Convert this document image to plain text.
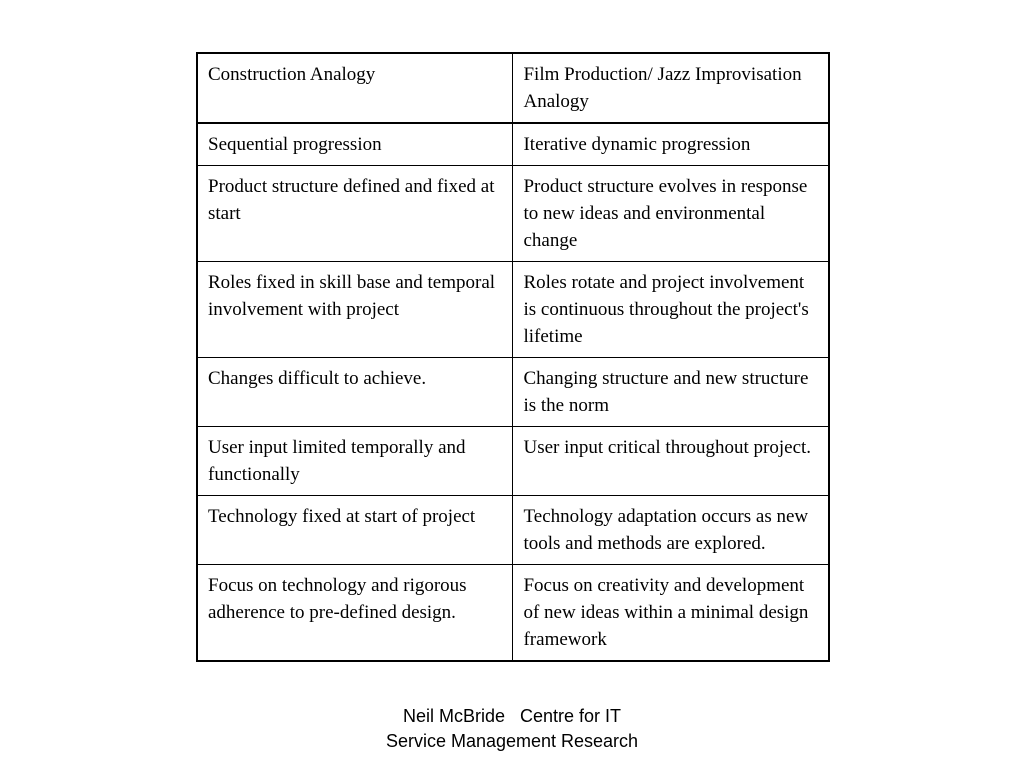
Construction Analogy	Film Production/ Jazz Improvisation Analogy
Sequential progression	Iterative dynamic progression
Product structure defined and fixed at start	Product structure evolves in response to new ideas and environmental change
Roles fixed in skill base and temporal involvement with project	Roles rotate and project involvement is continuous throughout the project's lifetime
Changes difficult to achieve.	Changing structure and new structure is the norm
User input limited temporally and functionally	User input critical throughout project.
Technology fixed at start of project	Technology adaptation occurs as new tools and methods are explored.
Focus on technology and rigorous adherence to pre-defined design.	Focus on creativity and development of new ideas within a minimal design framework
Neil McBride   Centre for IT
Service Management Research
